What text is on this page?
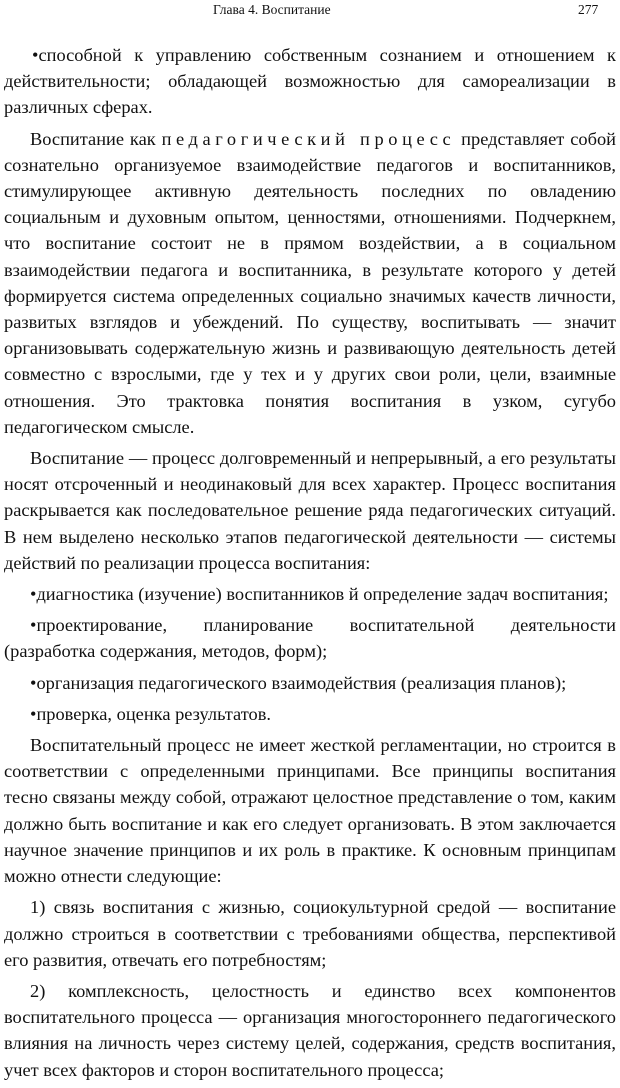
Глава 4. Воспитание	277

•способной к управлению собственным сознанием и отношением к действительности; обладающей возможностью для самореализации в различных сферах.

Воспитание как педагогический процесс представляет собой сознательно организуемое взаимодействие педагогов и воспитанников, стимулирующее активную деятельность последних по овладению социальным и духовным опытом, ценностями, отношениями. Подчеркнем, что воспитание состоит не в прямом воздействии, а в социальном взаимодействии педагога и воспитанника, в результате которого у детей формируется система определенных социально значимых качеств личности, развитых взглядов и убеждений. По существу, воспитывать — значит организовывать содержательную жизнь и развивающую деятельность детей совместно с взрослыми, где у тех и у других свои роли, цели, взаимные отношения. Это трактовка понятия воспитания в узком, сугубо педагогическом смысле.

Воспитание — процесс долговременный и непрерывный, а его результаты носят отсроченный и неодинаковый для всех характер. Процесс воспитания раскрывается как последовательное решение ряда педагогических ситуаций. В нем выделено несколько этапов педагогической деятельности — системы действий по реализации процесса воспитания:

•диагностика (изучение) воспитанников й определение задач воспитания;

•проектирование, планирование воспитательной деятельности (разработка содержания, методов, форм);

•организация педагогического взаимодействия (реализация планов);

•проверка, оценка результатов.

Воспитательный процесс не имеет жесткой регламентации, но строится в соответствии с определенными принципами. Все принципы воспитания тесно связаны между собой, отражают целостное представление о том, каким должно быть воспитание и как его следует организовать. В этом заключается научное значение принципов и их роль в практике. К основным принципам можно отнести следующие:

1) связь воспитания с жизнью, социокультурной средой — воспитание должно строиться в соответствии с требованиями общества, перспективой его развития, отвечать его потребностям;

2) комплексность, целостность и единство всех компонентов воспитательного процесса — организация многостороннего педагогического влияния на личность через систему целей, содержания, средств воспитания, учет всех факторов и сторон воспитательного процесса;
